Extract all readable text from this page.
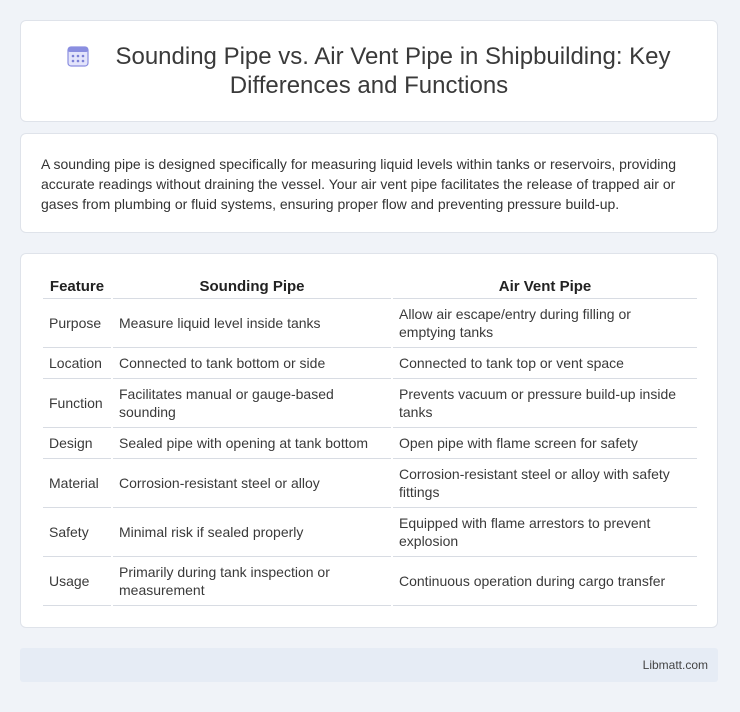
Sounding Pipe vs. Air Vent Pipe in Shipbuilding: Key Differences and Functions
A sounding pipe is designed specifically for measuring liquid levels within tanks or reservoirs, providing accurate readings without draining the vessel. Your air vent pipe facilitates the release of trapped air or gases from plumbing or fluid systems, ensuring proper flow and preventing pressure build-up.
Feature	Sounding Pipe	Air Vent Pipe
Purpose	Measure liquid level inside tanks	Allow air escape/entry during filling or emptying tanks
Location	Connected to tank bottom or side	Connected to tank top or vent space
Function	Facilitates manual or gauge-based sounding	Prevents vacuum or pressure build-up inside tanks
Design	Sealed pipe with opening at tank bottom	Open pipe with flame screen for safety
Material	Corrosion-resistant steel or alloy	Corrosion-resistant steel or alloy with safety fittings
Safety	Minimal risk if sealed properly	Equipped with flame arrestors to prevent explosion
Usage	Primarily during tank inspection or measurement	Continuous operation during cargo transfer
Libmatt.com
